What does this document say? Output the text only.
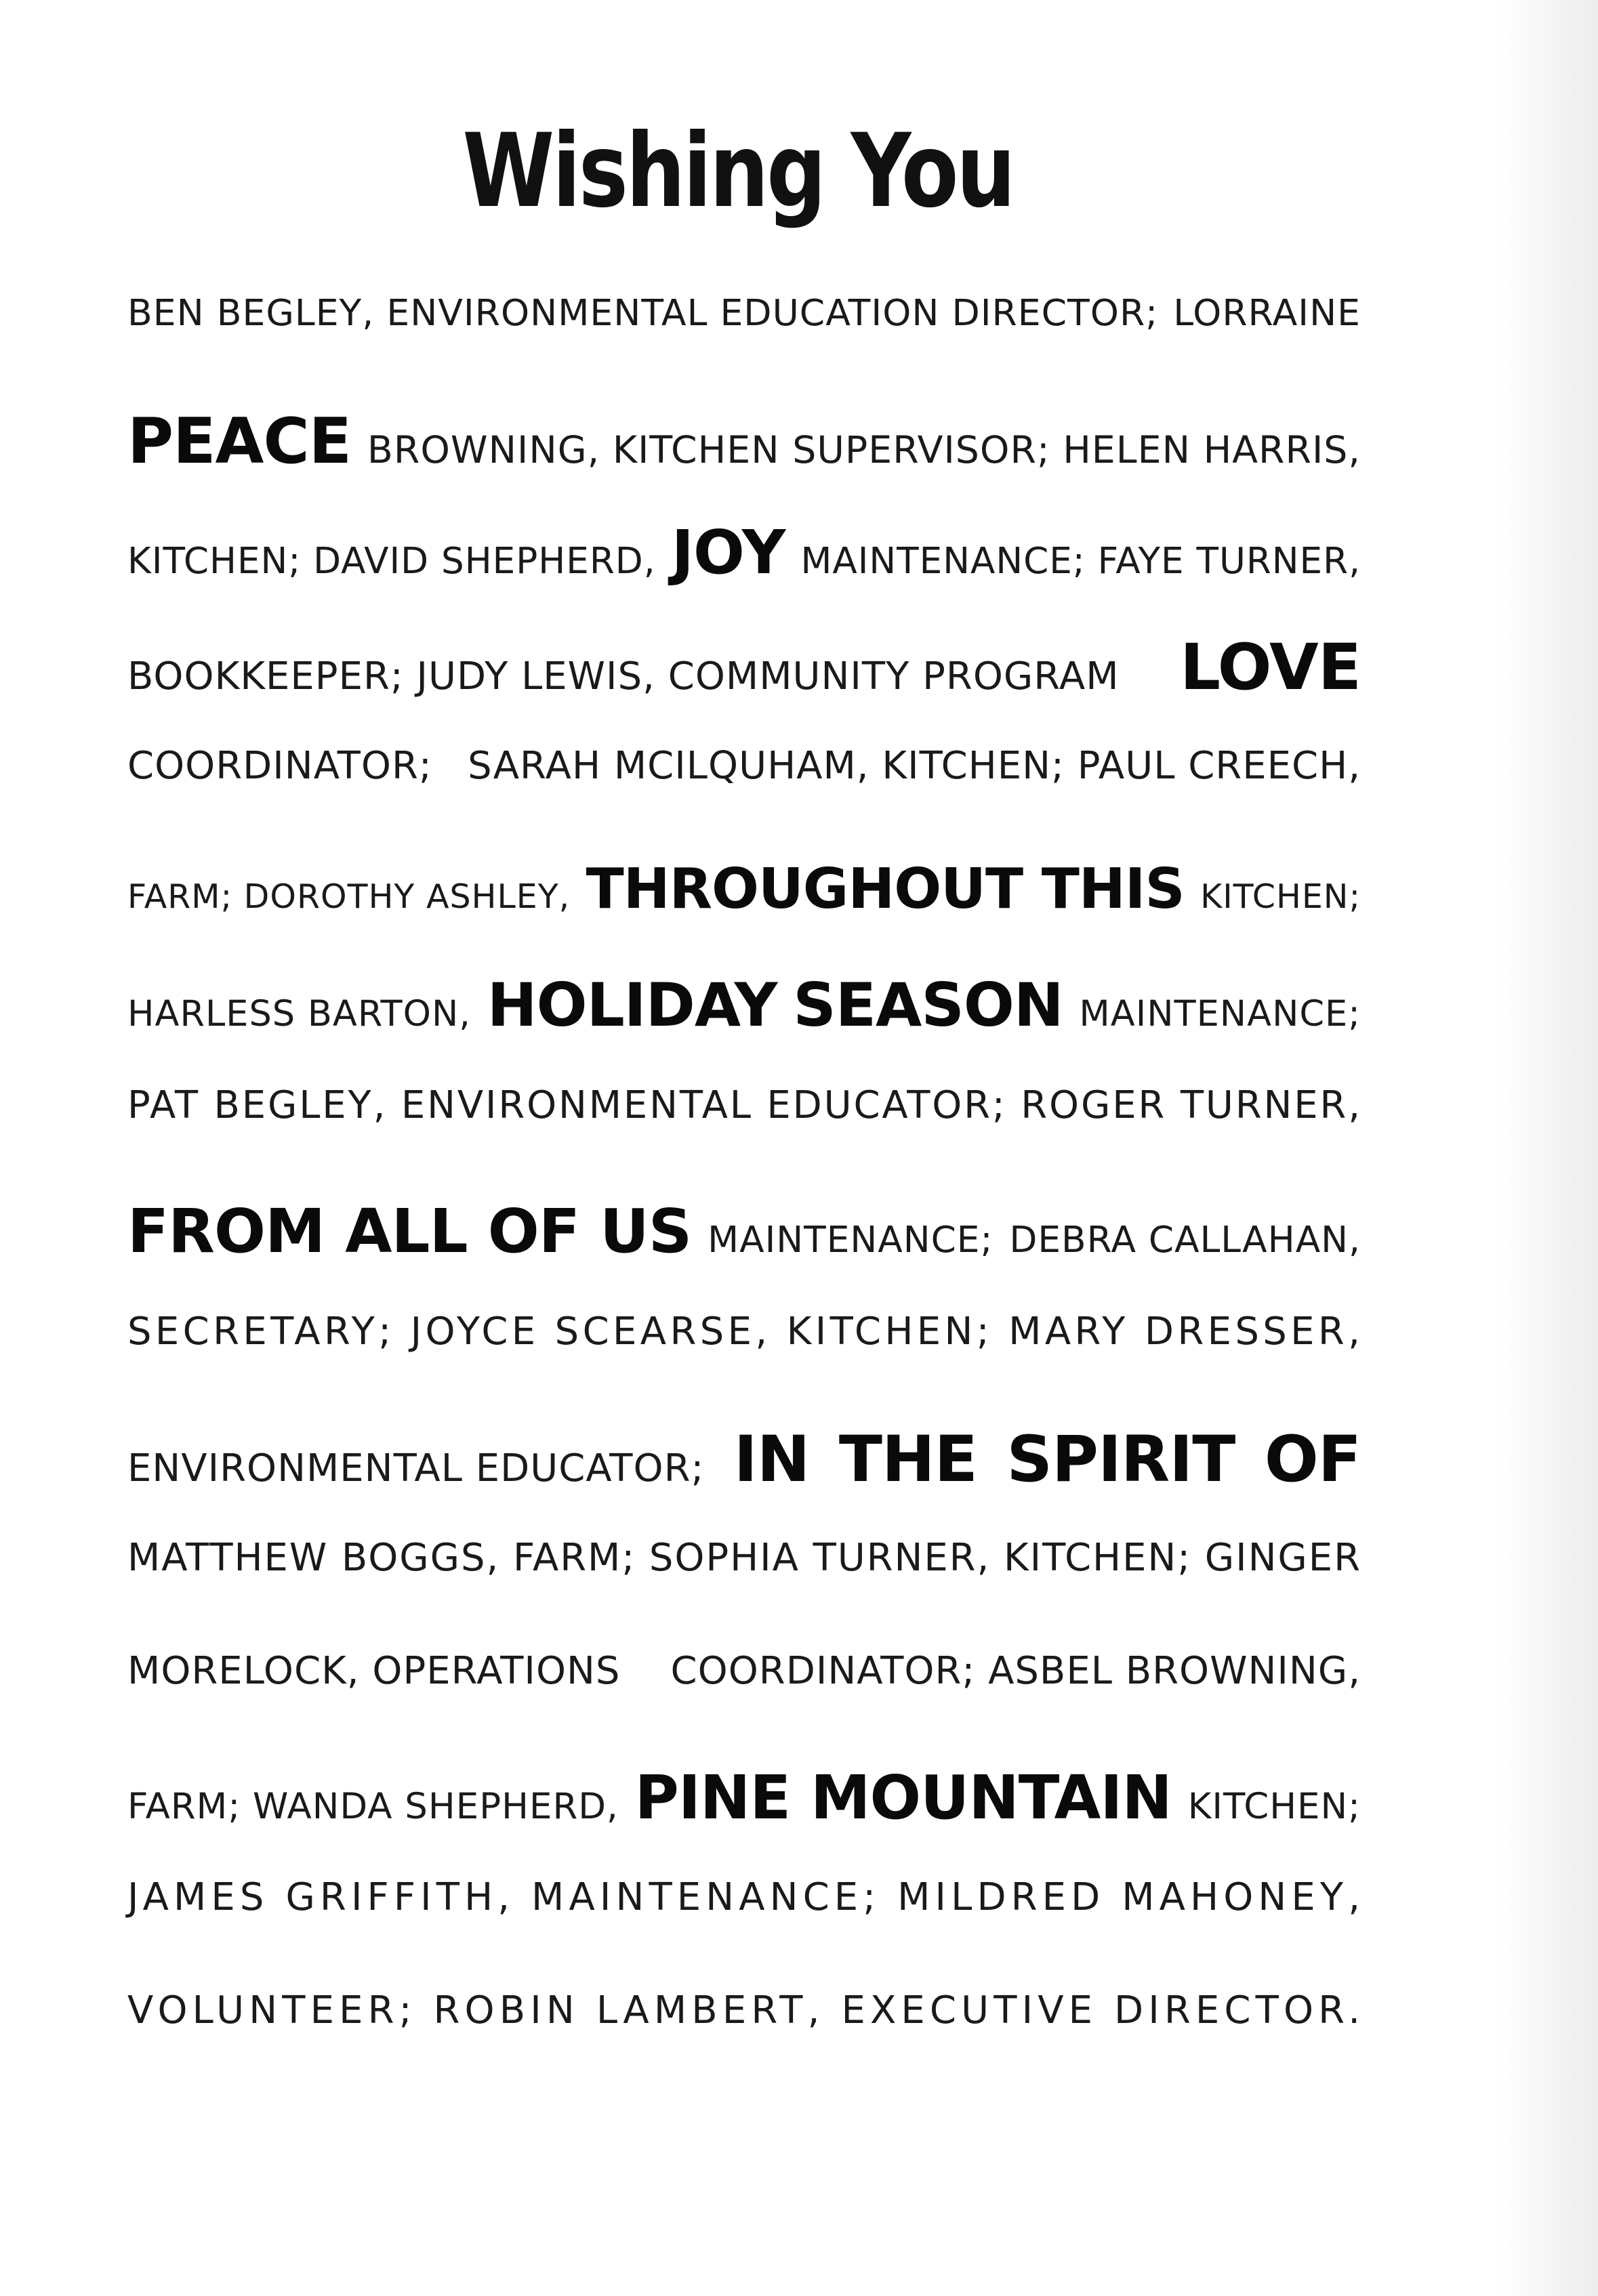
Wishing You
BEN BEGLEY, ENVIRONMENTAL EDUCATION DIRECTOR; LORRAINE
PEACE BROWNING, KITCHEN SUPERVISOR; HELEN HARRIS,
KITCHEN; DAVID SHEPHERD, JOY MAINTENANCE; FAYE TURNER,
BOOKKEEPER; JUDY LEWIS, COMMUNITY PROGRAM LOVE
COORDINATOR; SARAH MCILQUHAM, KITCHEN; PAUL CREECH,
FARM; DOROTHY ASHLEY, THROUGHOUT THIS KITCHEN;
HARLESS BARTON, HOLIDAY SEASON MAINTENANCE;
PAT BEGLEY, ENVIRONMENTAL EDUCATOR; ROGER TURNER,
FROM ALL OF US MAINTENANCE; DEBRA CALLAHAN,
SECRETARY; JOYCE SCEARSE, KITCHEN; MARY DRESSER,
ENVIRONMENTAL EDUCATOR; IN THE SPIRIT OF
MATTHEW BOGGS, FARM; SOPHIA TURNER, KITCHEN; GINGER
MORELOCK, OPERATIONS COORDINATOR; ASBEL BROWNING,
FARM; WANDA SHEPHERD, PINE MOUNTAIN KITCHEN;
JAMES GRIFFITH, MAINTENANCE; MILDRED MAHONEY,
VOLUNTEER; ROBIN LAMBERT, EXECUTIVE DIRECTOR.
